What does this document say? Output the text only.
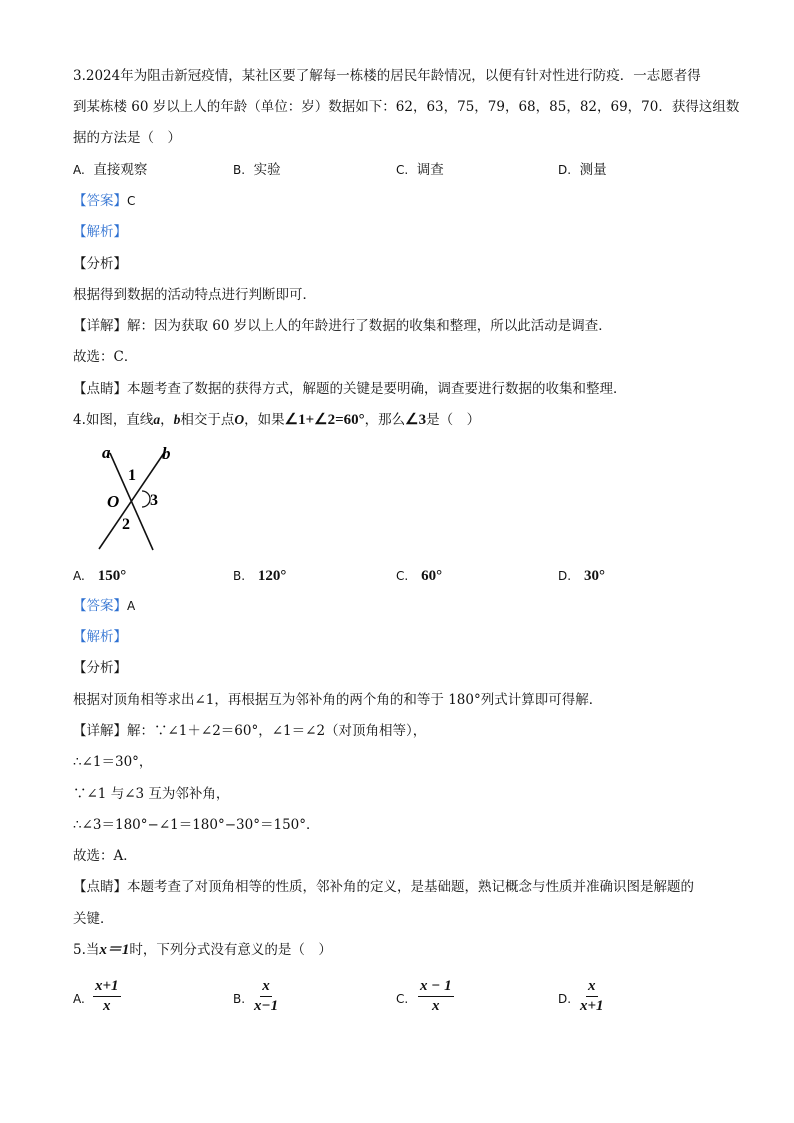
3.2024年为阻击新冠疫情，某社区要了解每一栋楼的居民年龄情况，以便有针对性进行防疫．一志愿者得
到某栋楼 60 岁以上人的年龄（单位：岁）数据如下：62，63，75，79，68，85，82，69，70．获得这组数
据的方法是（　）
A. 直接观察	B. 实验	C. 调查	D. 测量
【答案】C
【解析】
【分析】
根据得到数据的活动特点进行判断即可．
【详解】解：因为获取 60 岁以上人的年龄进行了数据的收集和整理，所以此活动是调查．
故选：C．
【点睛】本题考查了数据的获得方式，解题的关键是要明确，调查要进行数据的收集和整理．
4.如图，直线a，b相交于点O，如果∠1+∠2=60°，那么∠3是（　）
a	b
O
1
2
3
A. 150°	B. 120°	C. 60°	D. 30°
【答案】A
【解析】
【分析】
根据对顶角相等求出∠1，再根据互为邻补角的两个角的和等于 180°列式计算即可得解．
【详解】解：∵∠1＋∠2＝60°，∠1＝∠2（对顶角相等），
∴∠1＝30°，
∵∠1 与∠3 互为邻补角，
∴∠3＝180°−∠1＝180°−30°＝150°．
故选：A．
【点睛】本题考查了对顶角相等的性质，邻补角的定义，是基础题，熟记概念与性质并准确识图是解题的
关键．
5.当x＝1时，下列分式没有意义的是（　）
A. $\frac{x+1}{x}$	B. $\frac{x}{x-1}$	C. $\frac{x - 1}{x}$	D. $\frac{x}{x+1}$
